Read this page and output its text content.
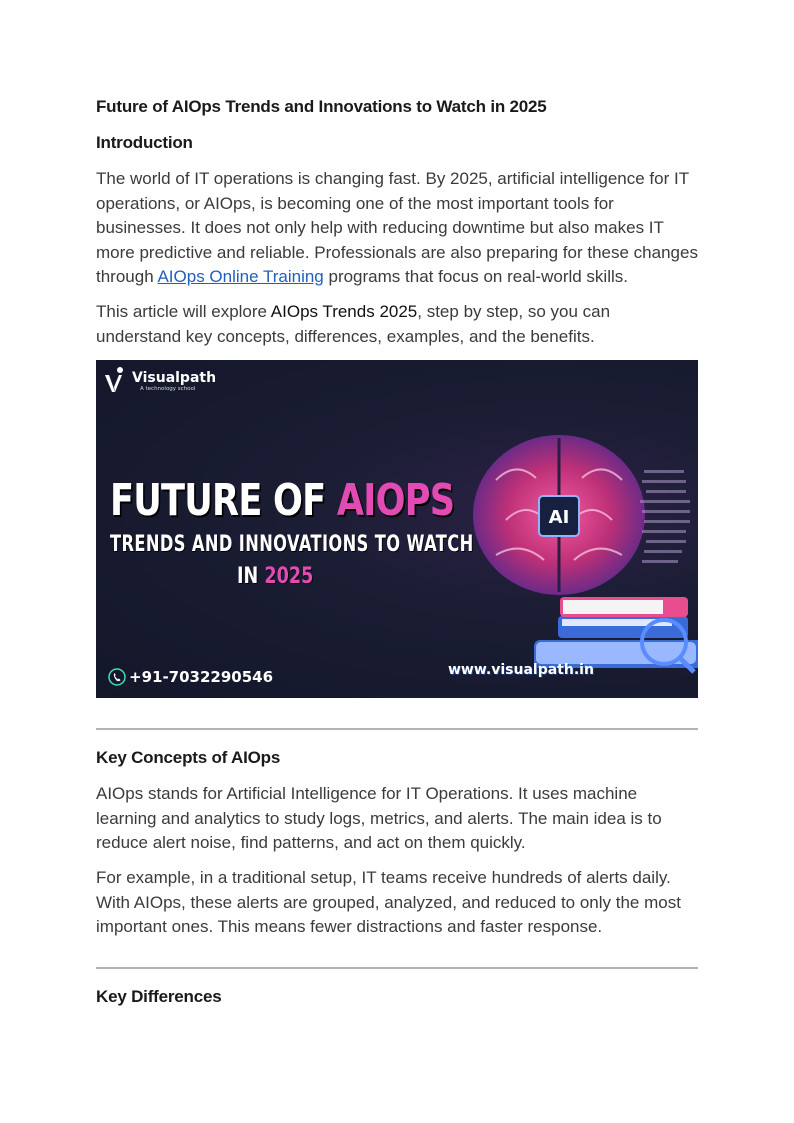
Future of AIOps Trends and Innovations to Watch in 2025
Introduction

The world of IT operations is changing fast. By 2025, artificial intelligence for IT operations, or AIOps, is becoming one of the most important tools for businesses. It does not only help with reducing downtime but also makes IT more predictive and reliable. Professionals are also preparing for these changes through AIOps Online Training programs that focus on real-world skills.

This article will explore AIOps Trends 2025, step by step, so you can understand key concepts, differences, examples, and the benefits.

Visualpath
A technology school
AI
FUTURE OF AIOPS
TRENDS AND INNOVATIONS TO WATCH
IN 2025
+91-7032290546	www.visualpath.in
Key Concepts of AIOps

AIOps stands for Artificial Intelligence for IT Operations. It uses machine learning and analytics to study logs, metrics, and alerts. The main idea is to reduce alert noise, find patterns, and act on them quickly.

For example, in a traditional setup, IT teams receive hundreds of alerts daily. With AIOps, these alerts are grouped, analyzed, and reduced to only the most important ones. This means fewer distractions and faster response.

Key Differences
